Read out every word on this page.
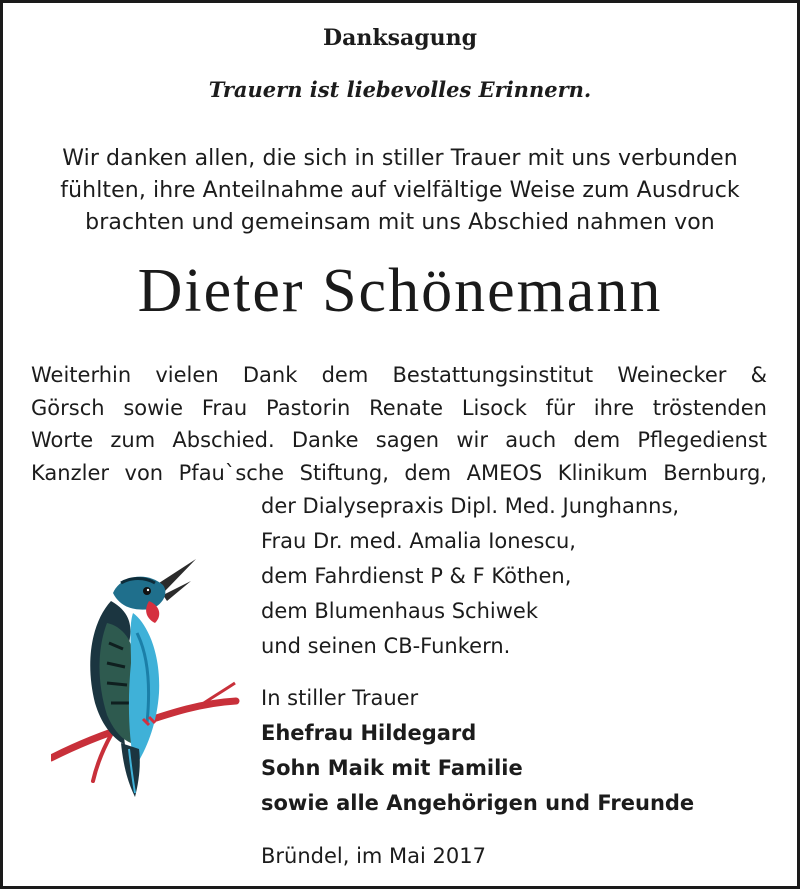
Danksagung
Trauern ist liebevolles Erinnern.
Wir danken allen, die sich in stiller Trauer mit uns verbunden
fühlten, ihre Anteilnahme auf vielfältige Weise zum Ausdruck
brachten und gemeinsam mit uns Abschied nahmen von
Dieter Schönemann
Weiterhin vielen Dank dem Bestattungsinstitut Weinecker &
Görsch sowie Frau Pastorin Renate Lisock für ihre tröstenden
Worte zum Abschied. Danke sagen wir auch dem Pflegedienst
Kanzler von Pfau`sche Stiftung, dem AMEOS Klinikum Bernburg,
der Dialysepraxis Dipl. Med. Junghanns,
Frau Dr. med. Amalia Ionescu,
dem Fahrdienst P & F Köthen,
dem Blumenhaus Schiwek
und seinen CB-Funkern.
In stiller Trauer
Ehefrau Hildegard
Sohn Maik mit Familie
sowie alle Angehörigen und Freunde
Bründel, im Mai 2017
